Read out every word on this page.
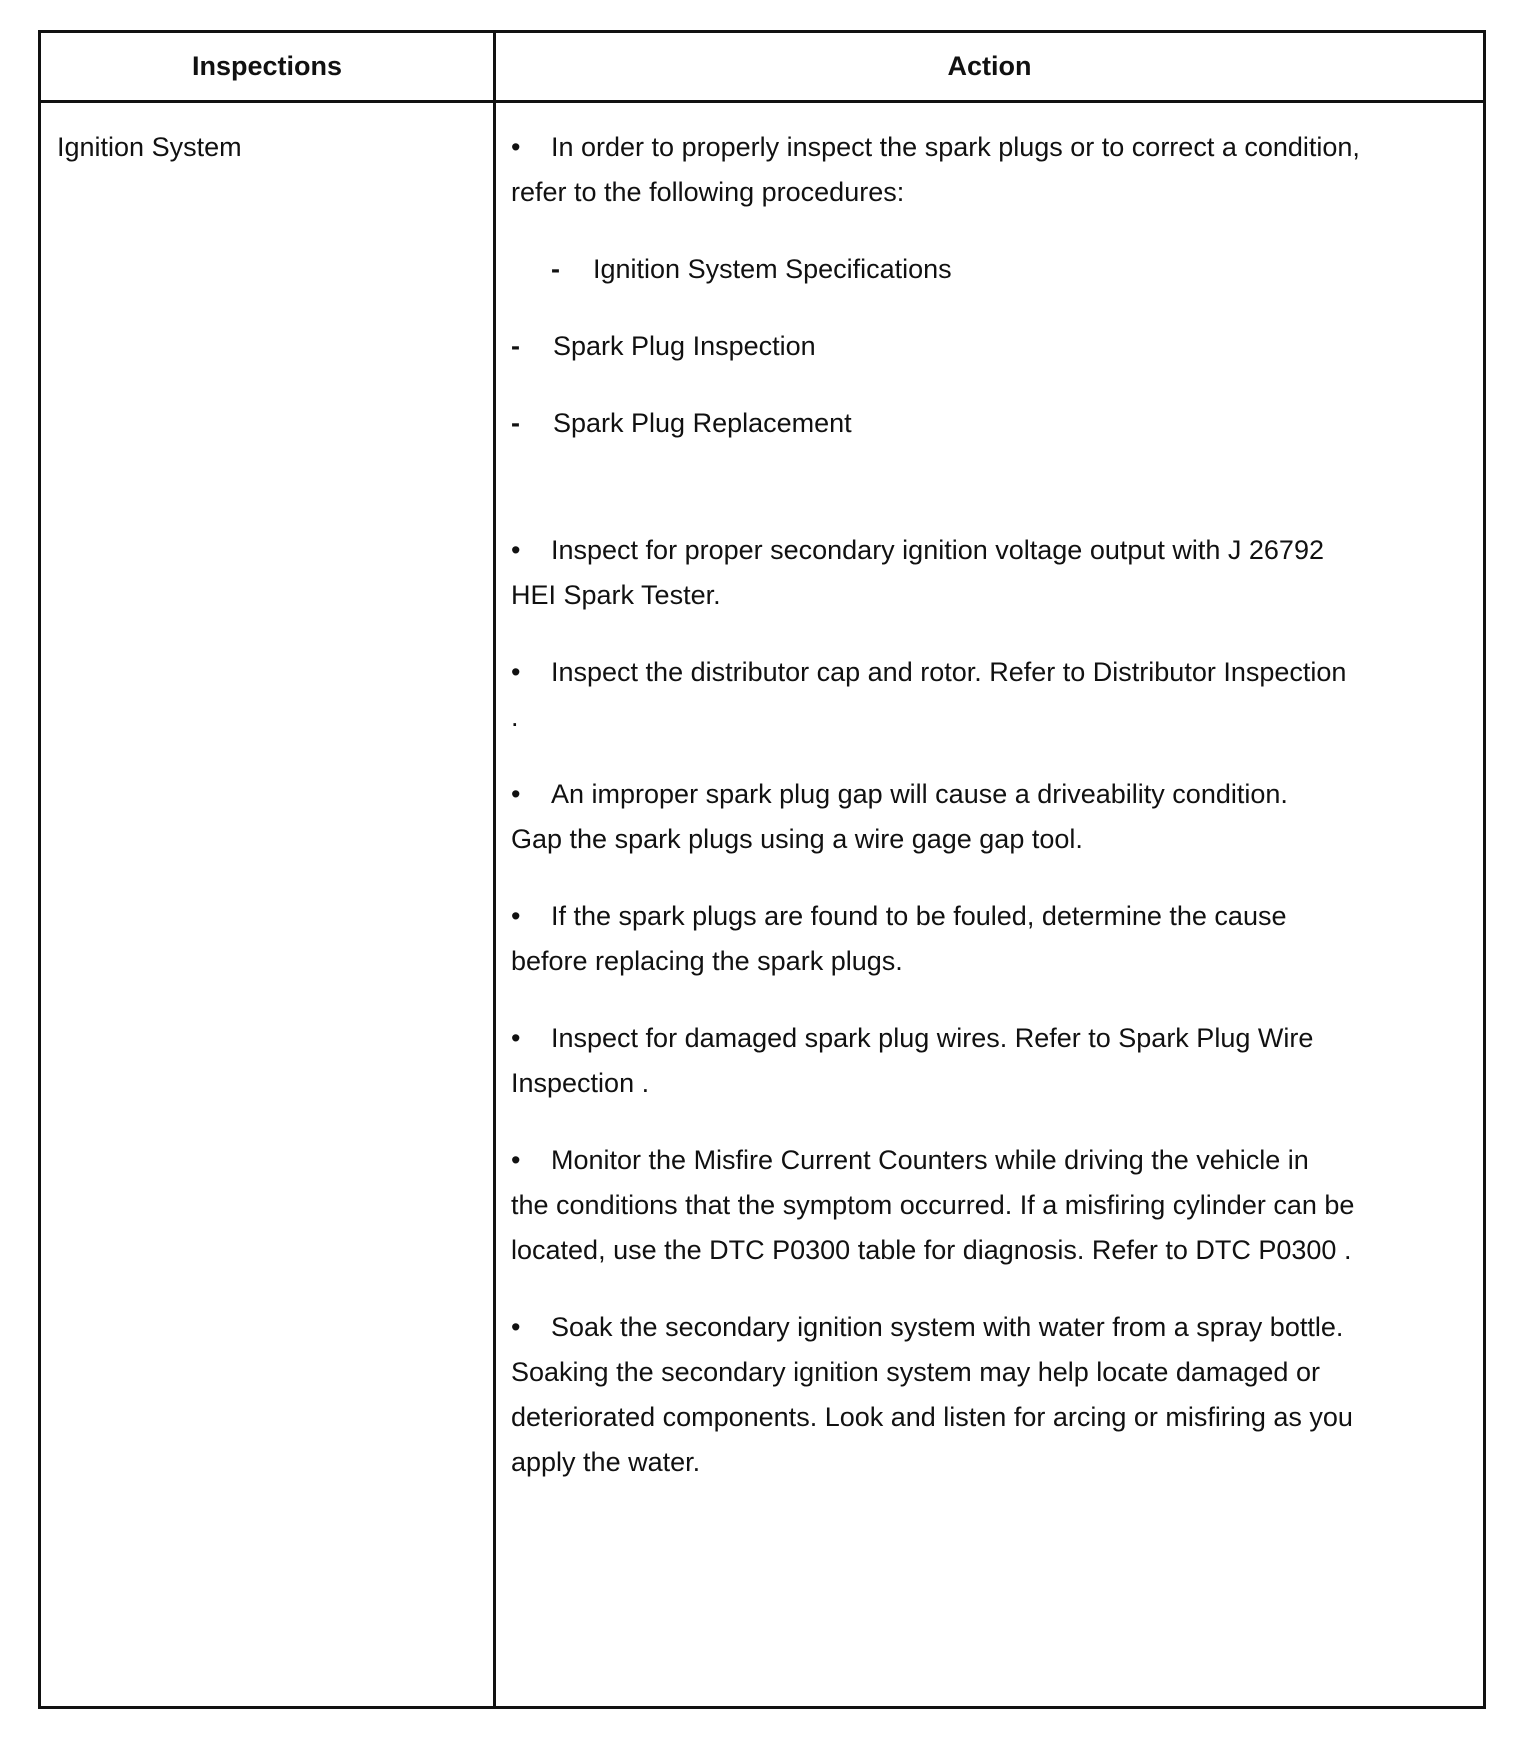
Inspections	Action
Ignition System	• In order to properly inspect the spark plugs or to correct a condition,
refer to the following procedures:

-	Ignition System Specifications

-	Spark Plug Inspection

-	Spark Plug Replacement

• Inspect for proper secondary ignition voltage output with J 26792
HEI Spark Tester.

• Inspect the distributor cap and rotor. Refer to Distributor Inspection
.

• An improper spark plug gap will cause a driveability condition.
Gap the spark plugs using a wire gage gap tool.

• If the spark plugs are found to be fouled, determine the cause
before replacing the spark plugs.

• Inspect for damaged spark plug wires. Refer to Spark Plug Wire
Inspection .

• Monitor the Misfire Current Counters while driving the vehicle in
the conditions that the symptom occurred. If a misfiring cylinder can be
located, use the DTC P0300 table for diagnosis. Refer to DTC P0300 .

• Soak the secondary ignition system with water from a spray bottle.
Soaking the secondary ignition system may help locate damaged or
deteriorated components. Look and listen for arcing or misfiring as you
apply the water.
